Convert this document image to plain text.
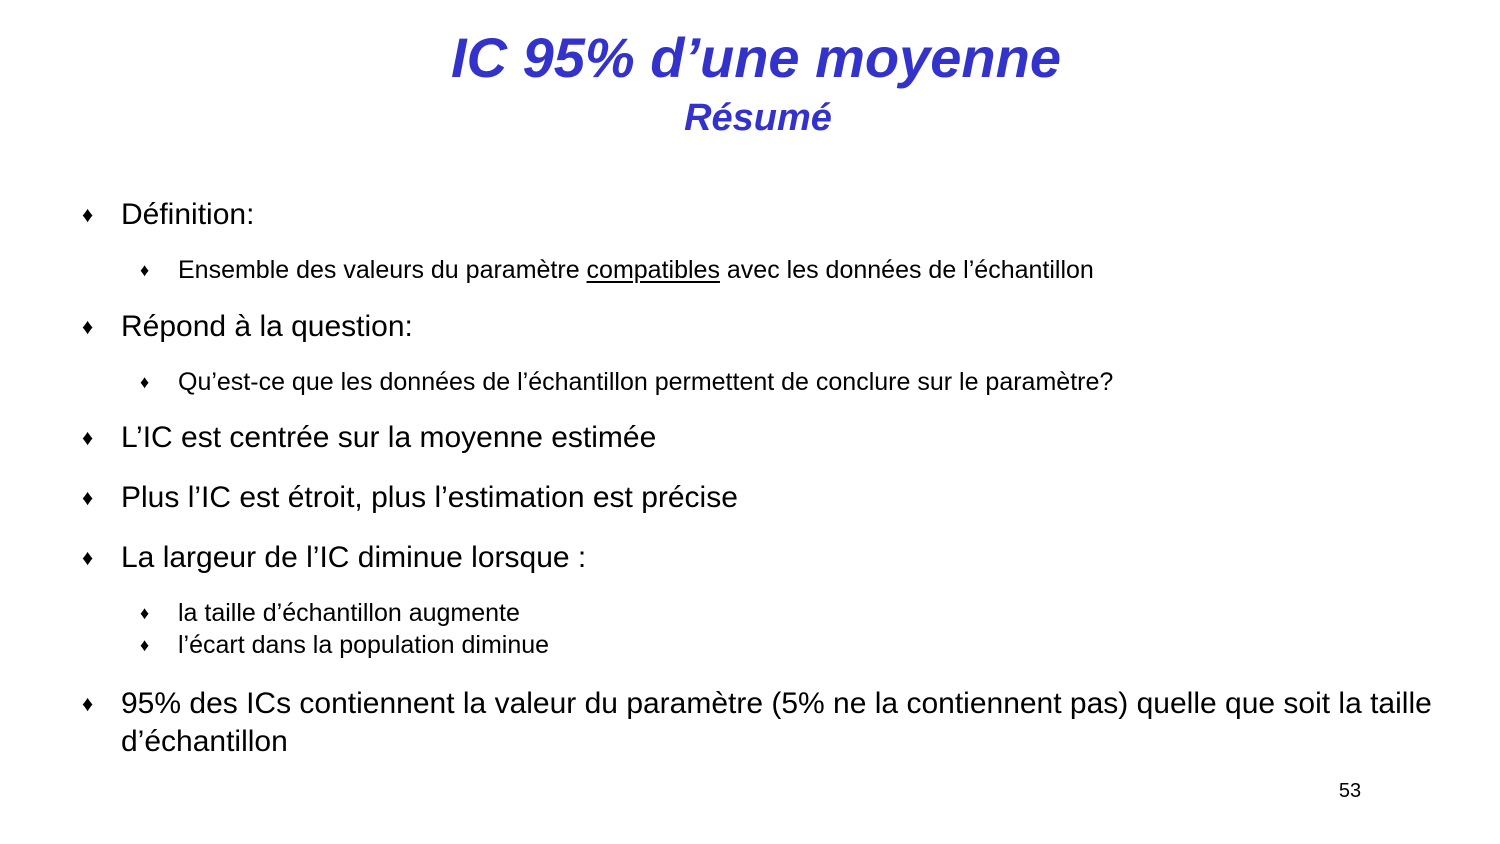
IC 95% d’une moyenne
Résumé
♦ Définition:
♦	Ensemble des valeurs du paramètre compatibles avec les données de l’échantillon
♦ Répond à la question:
♦	Qu’est-ce que les données de l’échantillon permettent de conclure sur le paramètre?
♦ L’IC est centrée sur la moyenne estimée
♦ Plus l’IC est étroit, plus l’estimation est précise
♦ La largeur de l’IC diminue lorsque :
♦	la taille d’échantillon augmente
♦	l’écart dans la population diminue
♦ 95% des ICs contiennent la valeur du paramètre (5% ne la contiennent pas) quelle que soit la taille d’échantillon
53
